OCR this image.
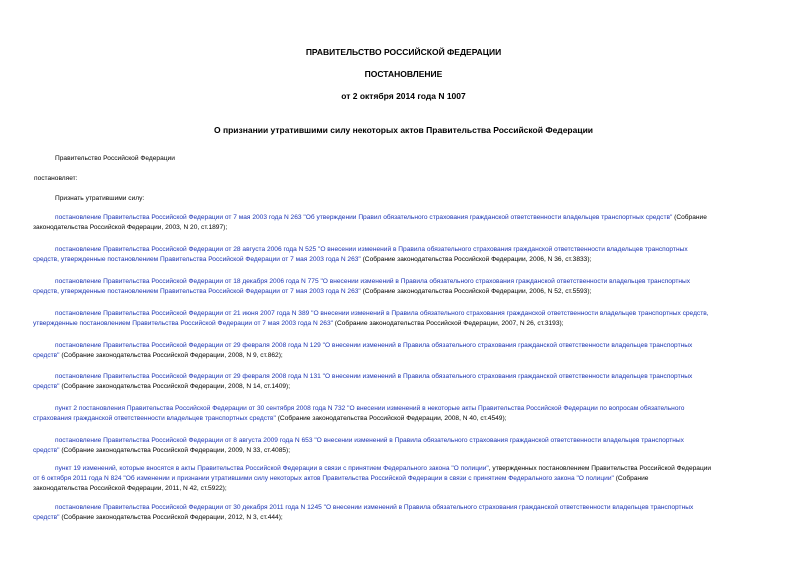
ПРАВИТЕЛЬСТВО РОССИЙСКОЙ ФЕДЕРАЦИИ
ПОСТАНОВЛЕНИЕ
от 2 октября 2014 года N 1007
О признании утратившими силу некоторых актов Правительства Российской Федерации
Правительство Российской Федерации
постановляет:
Признать утратившими силу:
постановление Правительства Российской Федерации от 7 мая 2003 года N 263 "Об утверждении Правил обязательного страхования гражданской ответственности владельцев транспортных средств" (Собрание
законодательства Российской Федерации, 2003, N 20, ст.1897);
постановление Правительства Российской Федерации от 28 августа 2006 года N 525 "О внесении изменений в Правила обязательного страхования гражданской ответственности владельцев транспортных
средств, утвержденные постановлением Правительства Российской Федерации от 7 мая 2003 года N 263" (Собрание законодательства Российской Федерации, 2006, N 36, ст.3833);
постановление Правительства Российской Федерации от 18 декабря 2006 года N 775 "О внесении изменений в Правила обязательного страхования гражданской ответственности владельцев транспортных
средств, утвержденные постановлением Правительства Российской Федерации от 7 мая 2003 года N 263" (Собрание законодательства Российской Федерации, 2006, N 52, ст.5593);
постановление Правительства Российской Федерации от 21 июня 2007 года N 389 "О внесении изменений в Правила обязательного страхования гражданской ответственности владельцев транспортных средств,
утвержденные постановлением Правительства Российской Федерации от 7 мая 2003 года N 263" (Собрание законодательства Российской Федерации, 2007, N 26, ст.3193);
постановление Правительства Российской Федерации от 29 февраля 2008 года N 129 "О внесении изменений в Правила обязательного страхования гражданской ответственности владельцев транспортных
средств" (Собрание законодательства Российской Федерации, 2008, N 9, ст.862);
постановление Правительства Российской Федерации от 29 февраля 2008 года N 131 "О внесении изменений в Правила обязательного страхования гражданской ответственности владельцев транспортных
средств" (Собрание законодательства Российской Федерации, 2008, N 14, ст.1409);
пункт 2 постановления Правительства Российской Федерации от 30 сентября 2008 года N 732 "О внесении изменений в некоторые акты Правительства Российской Федерации по вопросам обязательного
страхования гражданской ответственности владельцев транспортных средств" (Собрание законодательства Российской Федерации, 2008, N 40, ст.4549);
постановление Правительства Российской Федерации от 8 августа 2009 года N 653 "О внесении изменений в Правила обязательного страхования гражданской ответственности владельцев транспортных
средств" (Собрание законодательства Российской Федерации, 2009, N 33, ст.4085);
пункт 19 изменений, которые вносятся в акты Правительства Российской Федерации в связи с принятием Федерального закона "О полиции", утвержденных постановлением Правительства Российской Федерации
от 6 октября 2011 года N 824 "Об изменении и признании утратившими силу некоторых актов Правительства Российской Федерации в связи с принятием Федерального закона "О полиции" (Собрание
законодательства Российской Федерации, 2011, N 42, ст.5922);
постановление Правительства Российской Федерации от 30 декабря 2011 года N 1245 "О внесении изменений в Правила обязательного страхования гражданской ответственности владельцев транспортных
средств" (Собрание законодательства Российской Федерации, 2012, N 3, ст.444);
